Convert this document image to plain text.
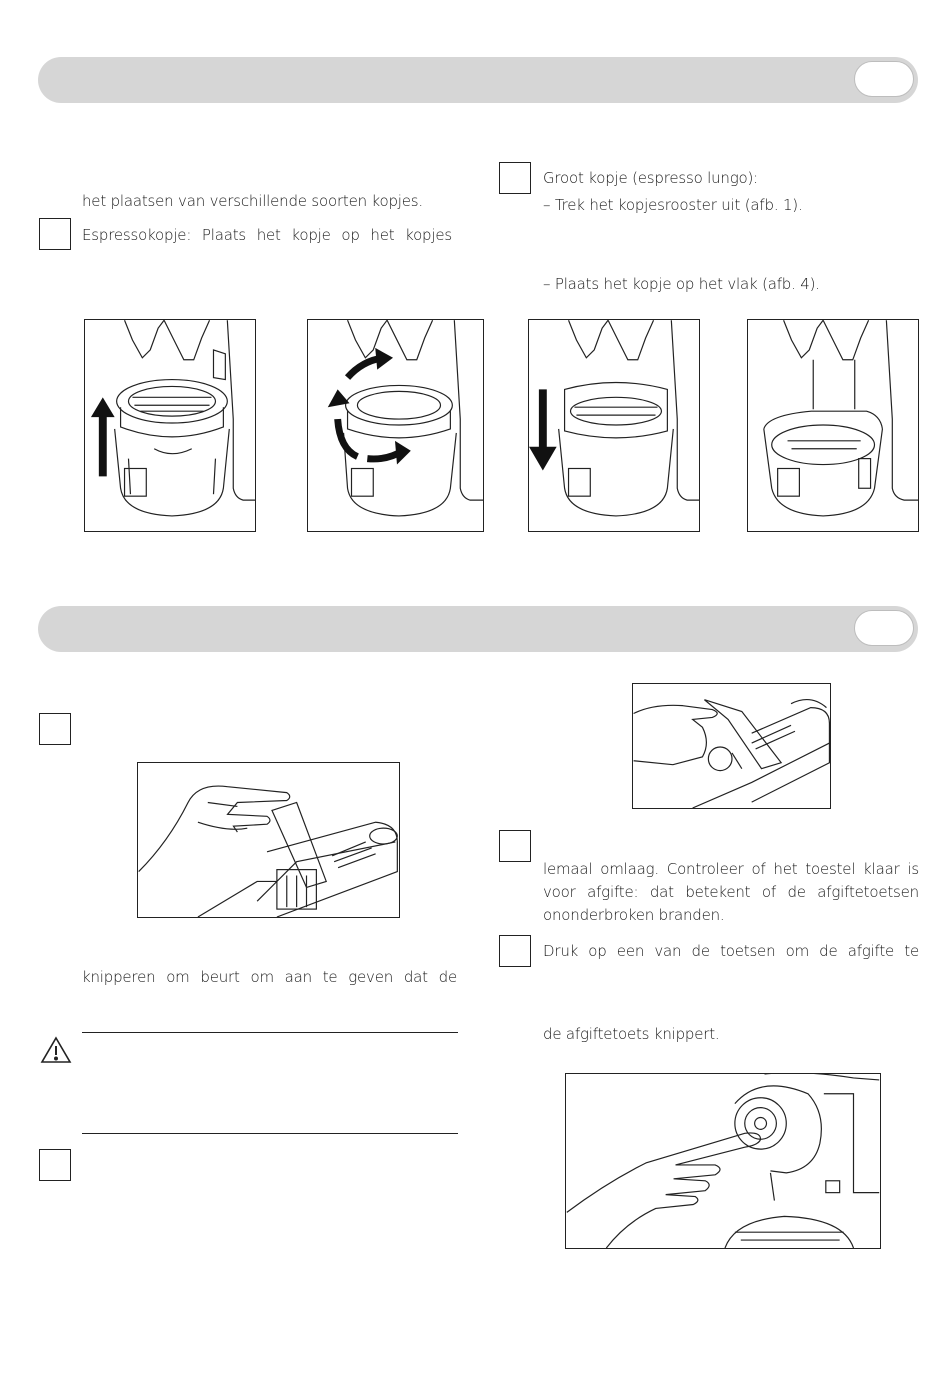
het plaatsen van verschillende soorten kopjes.
Espressokopje: Plaats het kopje op het kopjes
Groot kopje (espresso lungo):
– Trek het kopjesrooster uit (afb. 1).
– Plaats het kopje op het vlak (afb. 4).
knipperen om beurt om aan te geven dat de
lemaal omlaag. Controleer of het toestel klaar is
voor afgifte: dat betekent of de afgiftetoetsen
ononderbroken branden.
Druk op een van de toetsen om de afgifte te
de afgiftetoets knippert.
